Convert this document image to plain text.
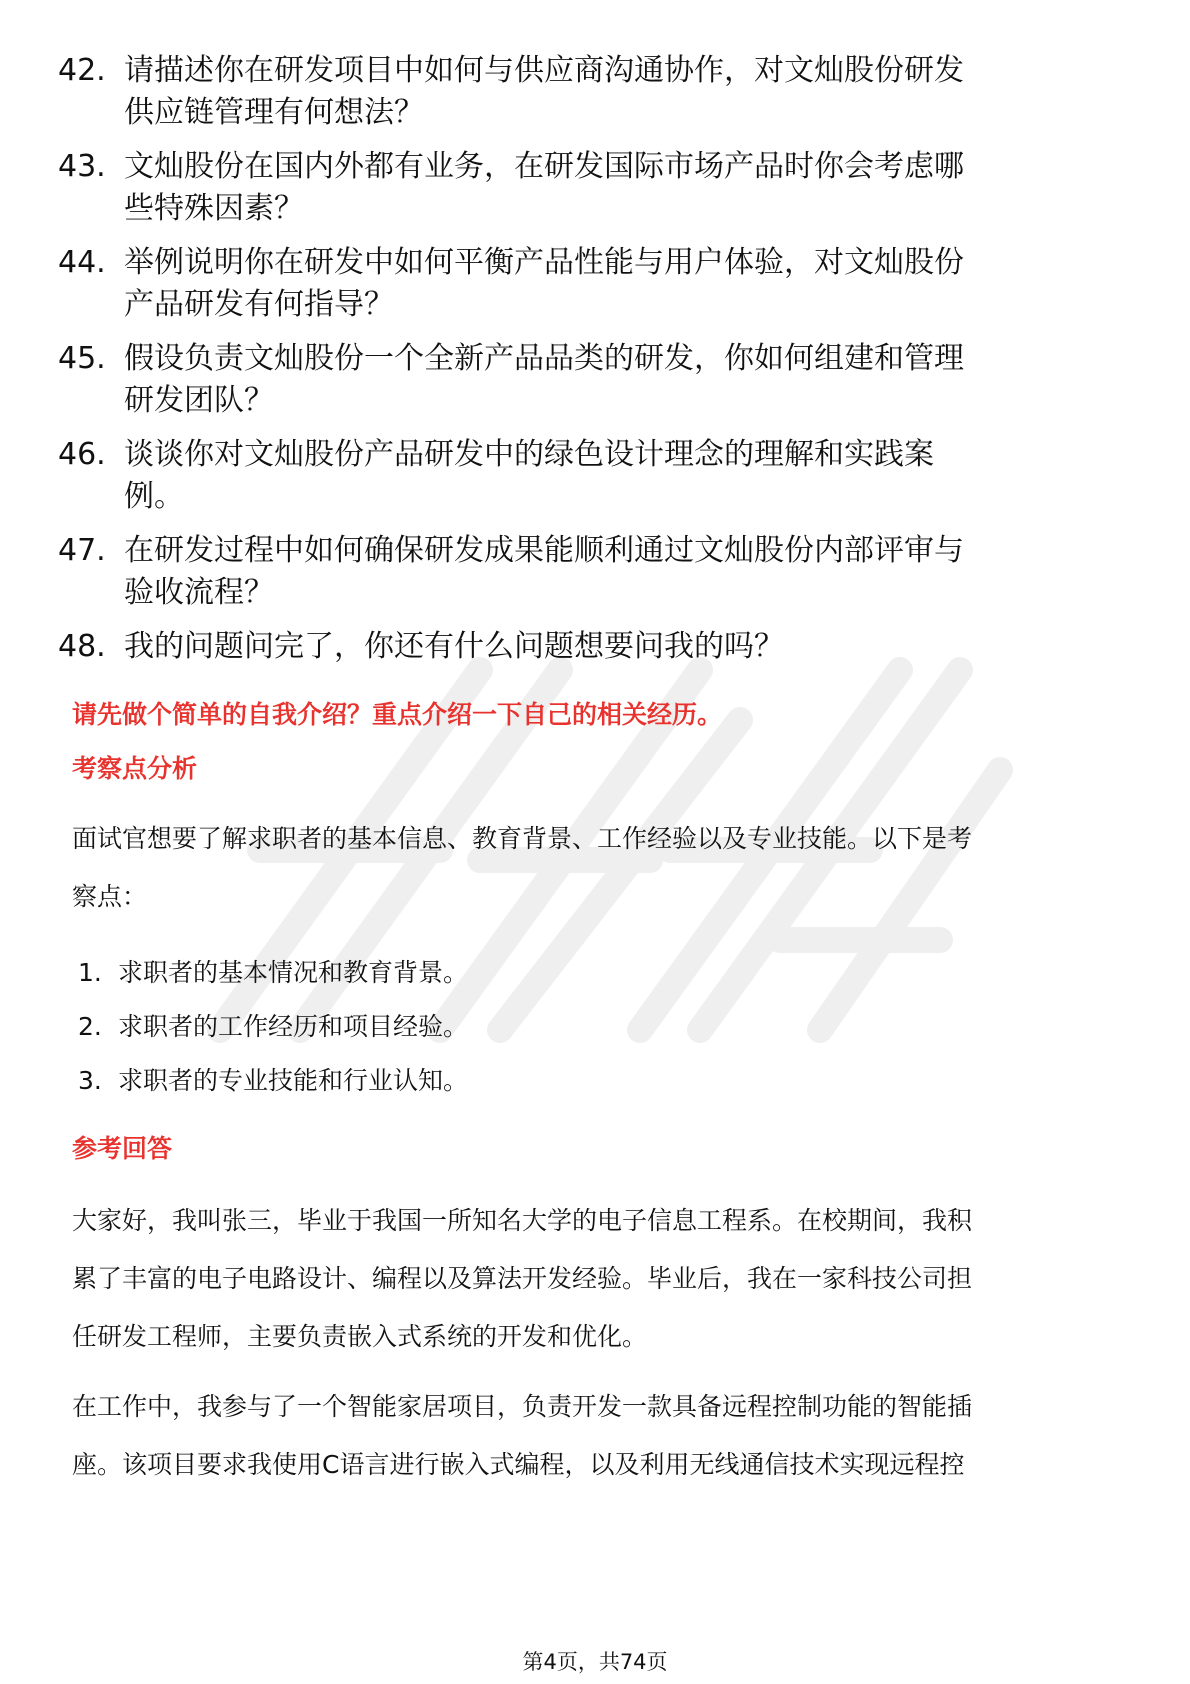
42. 请描述你在研发项目中如何与供应商沟通协作，对文灿股份研发
供应链管理有何想法？
43. 文灿股份在国内外都有业务，在研发国际市场产品时你会考虑哪
些特殊因素？
44. 举例说明你在研发中如何平衡产品性能与用户体验，对文灿股份
产品研发有何指导？
45. 假设负责文灿股份一个全新产品品类的研发，你如何组建和管理
研发团队？
46. 谈谈你对文灿股份产品研发中的绿色设计理念的理解和实践案
例。
47. 在研发过程中如何确保研发成果能顺利通过文灿股份内部评审与
验收流程？
48. 我的问题问完了，你还有什么问题想要问我的吗？
请先做个简单的自我介绍？重点介绍一下自己的相关经历。
考察点分析
面试官想要了解求职者的基本信息、教育背景、工作经验以及专业技能。以下是考
察点：
1. 求职者的基本情况和教育背景。
2. 求职者的工作经历和项目经验。
3. 求职者的专业技能和行业认知。
参考回答
大家好，我叫张三，毕业于我国一所知名大学的电子信息工程系。在校期间，我积
累了丰富的电子电路设计、编程以及算法开发经验。毕业后，我在一家科技公司担
任研发工程师，主要负责嵌入式系统的开发和优化。
在工作中，我参与了一个智能家居项目，负责开发一款具备远程控制功能的智能插
座。该项目要求我使用C语言进行嵌入式编程，以及利用无线通信技术实现远程控
第4页，共74页
